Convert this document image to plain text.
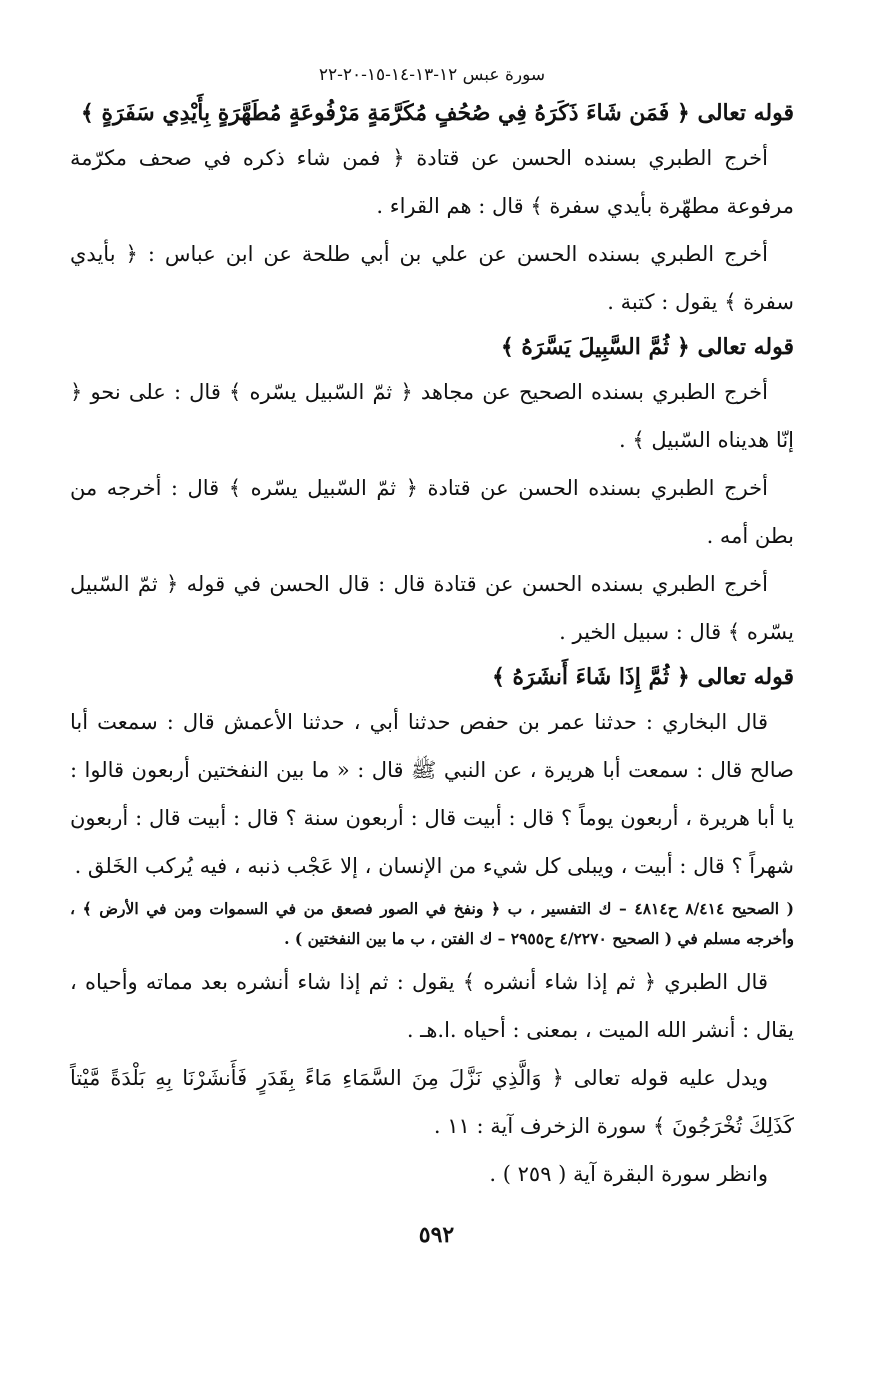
سورة عبس ١٢-١٣-١٤-١٥-٢٠-٢٢

قوله تعالى ﴿ فَمَن شَاءَ ذَكَرَهُ فِي صُحُفٍ مُكَرَّمَةٍ مَرْفُوعَةٍ مُطَهَّرَةٍ بِأَيْدِي سَفَرَةٍ ﴾

أخرج الطبري بسنده الحسن عن قتادة ﴿ فمن شاء ذكره في صحف مكرّمة مرفوعة مطهّرة بأيدي سفرة ﴾ قال : هم القراء .

أخرج الطبري بسنده الحسن عن علي بن أبي طلحة عن ابن عباس : ﴿ بأيدي سفرة ﴾ يقول : كتبة .

قوله تعالى ﴿ ثُمَّ السَّبِيلَ يَسَّرَهُ ﴾

أخرج الطبري بسنده الصحيح عن مجاهد ﴿ ثمّ السّبيل يسّره ﴾ قال : على نحو ﴿ إنّا هديناه السّبيل ﴾ .

أخرج الطبري بسنده الحسن عن قتادة ﴿ ثمّ السّبيل يسّره ﴾ قال : أخرجه من بطن أمه .

أخرج الطبري بسنده الحسن عن قتادة قال : قال الحسن في قوله ﴿ ثمّ السّبيل يسّره ﴾ قال : سبيل الخير .

قوله تعالى ﴿ ثُمَّ إِذَا شَاءَ أَنشَرَهُ ﴾

قال البخاري : حدثنا عمر بن حفص حدثنا أبي ، حدثنا الأعمش قال : سمعت أبا صالح قال : سمعت أبا هريرة ، عن النبي ﷺ قال : « ما بين النفختين أربعون قالوا : يا أبا هريرة ، أربعون يوماً ؟ قال : أبيت قال : أربعون سنة ؟ قال : أبيت قال : أربعون شهراً ؟ قال : أبيت ، ويبلى كل شيء من الإنسان ، إلا عَجْب ذنبه ، فيه يُركب الخَلق .

( الصحيح ٨/٤١٤ ح٤٨١٤ – ك التفسير ، ب ﴿ ونفخ في الصور فصعق من في السموات ومن في الأرض ﴾ ، وأخرجه مسلم في ( الصحيح ٤/٢٢٧٠ ح٢٩٥٥ – ك الفتن ، ب ما بين النفختين ) .

قال الطبري ﴿ ثم إذا شاء أنشره ﴾ يقول : ثم إذا شاء أنشره بعد مماته وأحياه ، يقال : أنشر الله الميت ، بمعنى : أحياه .ا.هـ .

ويدل عليه قوله تعالى ﴿ وَالَّذِي نَزَّلَ مِنَ السَّمَاءِ مَاءً بِقَدَرٍ فَأَنشَرْنَا بِهِ بَلْدَةً مَّيْتاً كَذَلِكَ تُخْرَجُونَ ﴾ سورة الزخرف آية : ١١ .

وانظر سورة البقرة آية ( ٢٥٩ ) .

٥٩٢
